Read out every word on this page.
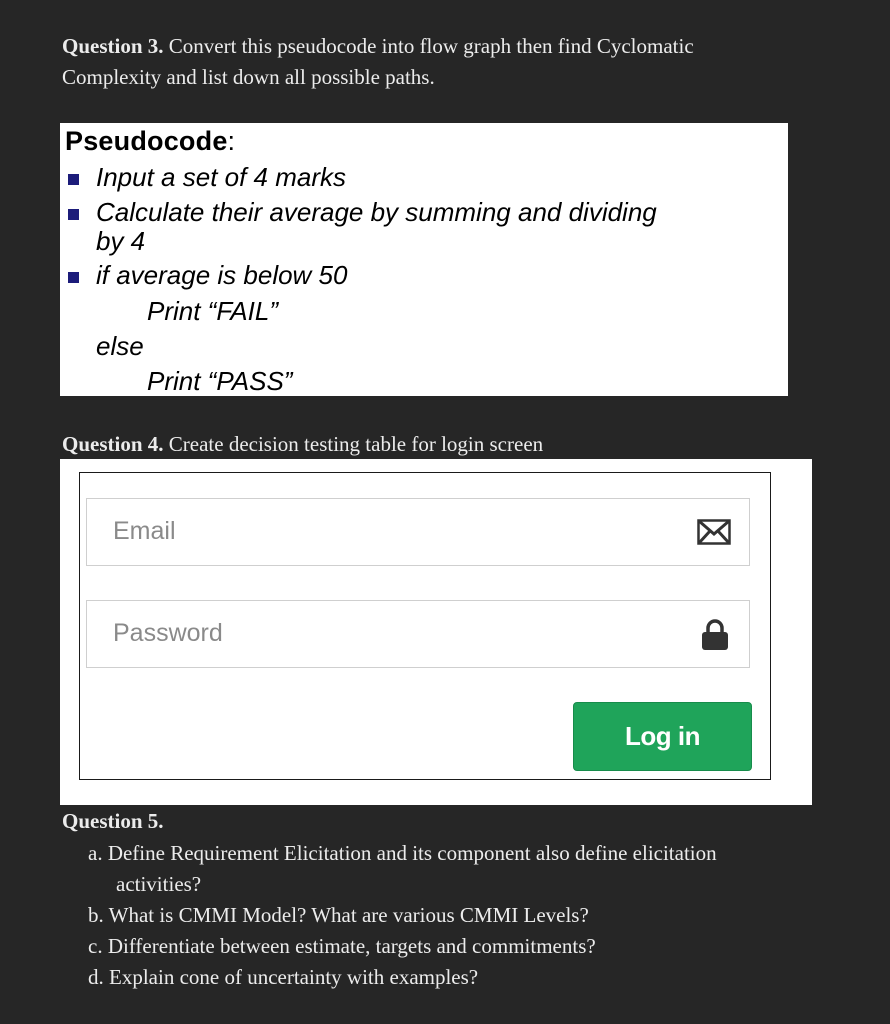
Question 3. Convert this pseudocode into flow graph then find Cyclomatic
Complexity and list down all possible paths.
Pseudocode:
Input a set of 4 marks
Calculate their average by summing and dividing
by 4
if average is below 50
Print “FAIL”
else
Print “PASS”
Question 4. Create decision testing table for login screen
Email
Password
Log in
Question 5.

a. Define Requirement Elicitation and its component also define elicitation
activities?

b. What is CMMI Model? What are various CMMI Levels?

c. Differentiate between estimate, targets and commitments?

d. Explain cone of uncertainty with examples?
